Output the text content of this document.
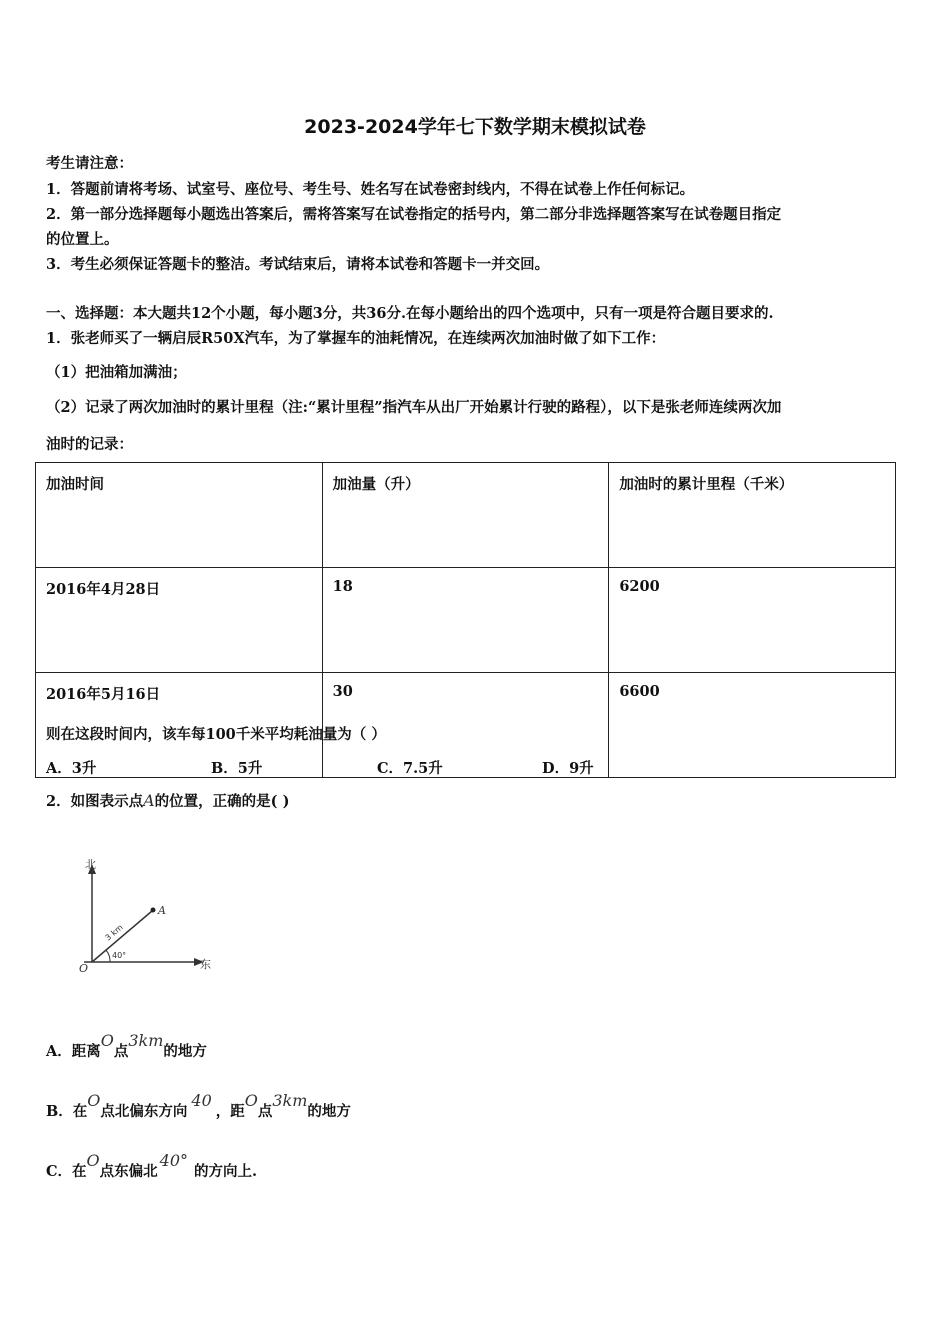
2023-2024学年七下数学期末模拟试卷
考生请注意：
1．答题前请将考场、试室号、座位号、考生号、姓名写在试卷密封线内，不得在试卷上作任何标记。
2．第一部分选择题每小题选出答案后，需将答案写在试卷指定的括号内，第二部分非选择题答案写在试卷题目指定
的位置上。
3．考生必须保证答题卡的整洁。考试结束后，请将本试卷和答题卡一并交回。
一、选择题：本大题共12个小题，每小题3分，共36分.在每小题给出的四个选项中，只有一项是符合题目要求的.
1．张老师买了一辆启辰R50X汽车，为了掌握车的油耗情况，在连续两次加油时做了如下工作：
（1）把油箱加满油；
（2）记录了两次加油时的累计里程（注:“累计里程”指汽车从出厂开始累计行驶的路程），以下是张老师连续两次加
油时的记录：
加油时间	加油量（升）	加油时的累计里程（千米）
2016年4月28日	18	6200
2016年5月16日	30	6600
则在这段时间内，该车每100千米平均耗油量为（ ）
A．3升	B．5升	C．7.5升	D．9升
2．如图表示点A的位置，正确的是( )
北
东
O
A
3 km
40°
A．距离O点3km的地方
B．在O点北偏东方向40，距O点3km的地方
C．在O点东偏北40°的方向上.
